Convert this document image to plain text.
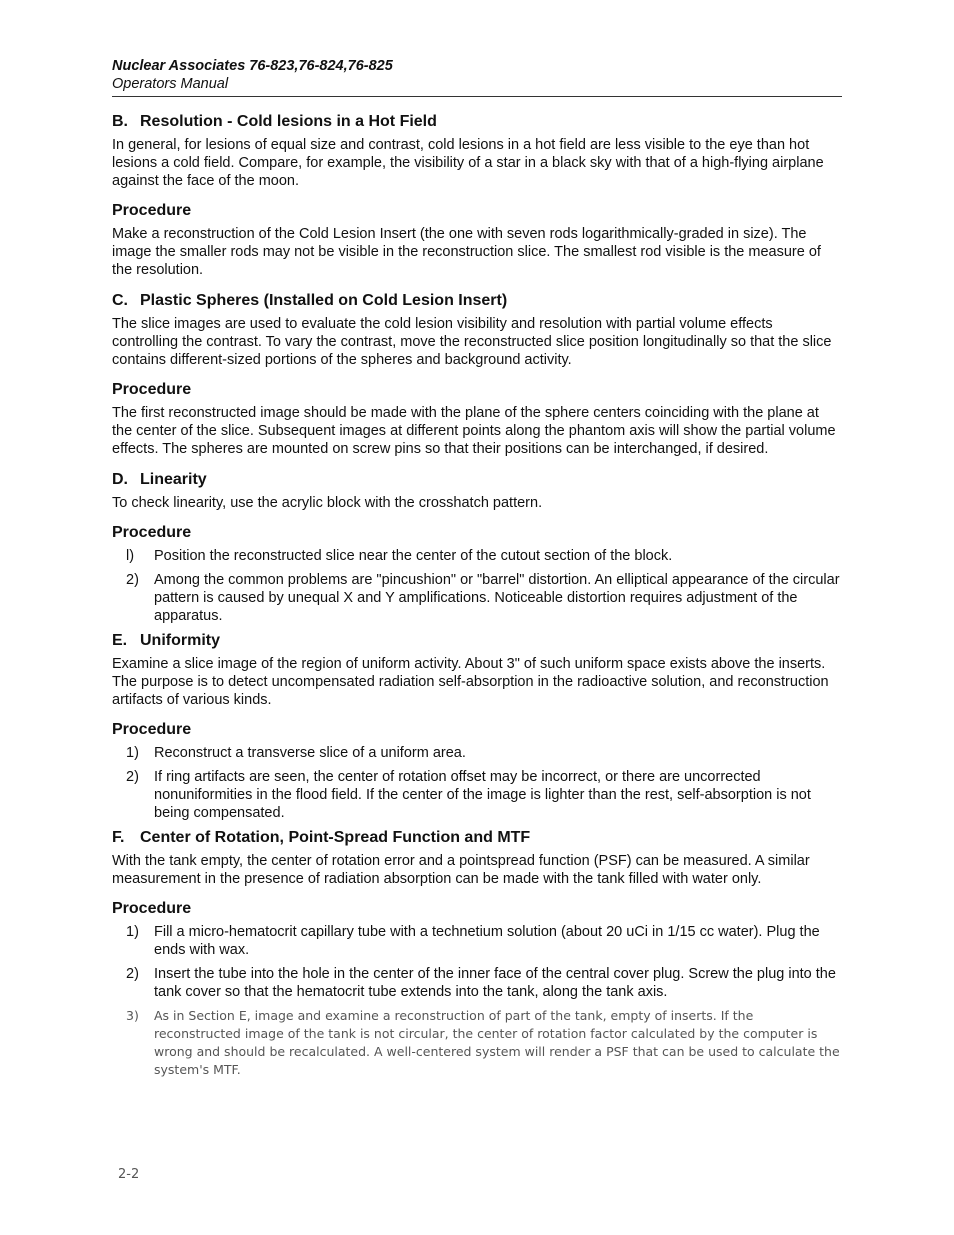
Nuclear Associates 76-823,76-824,76-825
Operators Manual
B. Resolution - Cold lesions in a Hot Field

In general, for lesions of equal size and contrast, cold lesions in a hot field are less visible to the eye than hot lesions a cold field. Compare, for example, the visibility of a star in a black sky with that of a high-flying airplane against the face of the moon.

Procedure

Make a reconstruction of the Cold Lesion Insert (the one with seven rods logarithmically-graded in size). The image the smaller rods may not be visible in the reconstruction slice. The smallest rod visible is the measure of the resolution.

C. Plastic Spheres (Installed on Cold Lesion Insert)

The slice images are used to evaluate the cold lesion visibility and resolution with partial volume effects controlling the contrast. To vary the contrast, move the reconstructed slice position longitudinally so that the slice contains different-sized portions of the spheres and background activity.

Procedure

The first reconstructed image should be made with the plane of the sphere centers coinciding with the plane at the center of the slice. Subsequent images at different points along the phantom axis will show the partial volume effects. The spheres are mounted on screw pins so that their positions can be interchanged, if desired.

D. Linearity

To check linearity, use the acrylic block with the crosshatch pattern.

Procedure
l) Position the reconstructed slice near the center of the cutout section of the block.
2) Among the common problems are "pincushion" or "barrel" distortion. An elliptical appearance of the circular pattern is caused by unequal X and Y amplifications. Noticeable distortion requires adjustment of the apparatus.
E. Uniformity

Examine a slice image of the region of uniform activity. About 3" of such uniform space exists above the inserts. The purpose is to detect uncompensated radiation self-absorption in the radioactive solution, and reconstruction artifacts of various kinds.

Procedure
1) Reconstruct a transverse slice of a uniform area.
2) If ring artifacts are seen, the center of rotation offset may be incorrect, or there are uncorrected nonuniformities in the flood field. If the center of the image is lighter than the rest, self-absorption is not being compensated.
F. Center of Rotation, Point-Spread Function and MTF

With the tank empty, the center of rotation error and a pointspread function (PSF) can be measured. A similar measurement in the presence of radiation absorption can be made with the tank filled with water only.

Procedure
1) Fill a micro-hematocrit capillary tube with a technetium solution (about 20 uCi in 1/15 cc water). Plug the ends with wax.
2) Insert the tube into the hole in the center of the inner face of the central cover plug. Screw the plug into the tank cover so that the hematocrit tube extends into the tank, along the tank axis.
3) As in Section E, image and examine a reconstruction of part of the tank, empty of inserts. If the reconstructed image of the tank is not circular, the center of rotation factor calculated by the computer is wrong and should be recalculated. A well-centered system will render a PSF that can be used to calculate the system's MTF.
2-2
